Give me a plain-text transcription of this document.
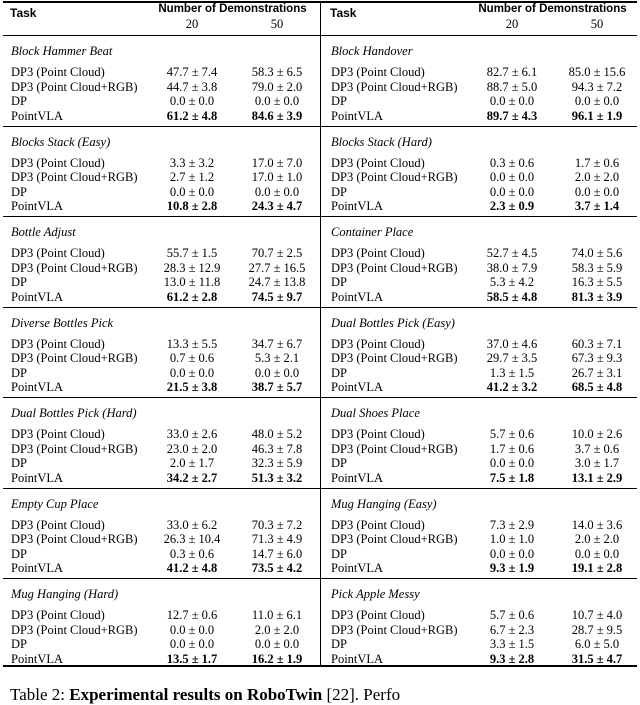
Task	Number of Demonstrations
20	50
Block Hammer Beat
DP3 (Point Cloud)	47.7 ± 7.4	58.3 ± 6.5
DP3 (Point Cloud+RGB)	44.7 ± 3.8	79.0 ± 2.0
DP	0.0 ± 0.0	0.0 ± 0.0
PointVLA	61.2 ± 4.8	84.6 ± 3.9
Blocks Stack (Easy)
DP3 (Point Cloud)	3.3 ± 3.2	17.0 ± 7.0
DP3 (Point Cloud+RGB)	2.7 ± 1.2	17.0 ± 1.0
DP	0.0 ± 0.0	0.0 ± 0.0
PointVLA	10.8 ± 2.8	24.3 ± 4.7
Bottle Adjust
DP3 (Point Cloud)	55.7 ± 1.5	70.7 ± 2.5
DP3 (Point Cloud+RGB)	28.3 ± 12.9	27.7 ± 16.5
DP	13.0 ± 11.8	24.7 ± 13.8
PointVLA	61.2 ± 2.8	74.5 ± 9.7
Diverse Bottles Pick
DP3 (Point Cloud)	13.3 ± 5.5	34.7 ± 6.7
DP3 (Point Cloud+RGB)	0.7 ± 0.6	5.3 ± 2.1
DP	0.0 ± 0.0	0.0 ± 0.0
PointVLA	21.5 ± 3.8	38.7 ± 5.7
Dual Bottles Pick (Hard)
DP3 (Point Cloud)	33.0 ± 2.6	48.0 ± 5.2
DP3 (Point Cloud+RGB)	23.0 ± 2.0	46.3 ± 7.8
DP	2.0 ± 1.7	32.3 ± 5.9
PointVLA	34.2 ± 2.7	51.3 ± 3.2
Empty Cup Place
DP3 (Point Cloud)	33.0 ± 6.2	70.3 ± 7.2
DP3 (Point Cloud+RGB)	26.3 ± 10.4	71.3 ± 4.9
DP	0.3 ± 0.6	14.7 ± 6.0
PointVLA	41.2 ± 4.8	73.5 ± 4.2
Mug Hanging (Hard)
DP3 (Point Cloud)	12.7 ± 0.6	11.0 ± 6.1
DP3 (Point Cloud+RGB)	0.0 ± 0.0	2.0 ± 2.0
DP	0.0 ± 0.0	0.0 ± 0.0
PointVLA	13.5 ± 1.7	16.2 ± 1.9
Task	Number of Demonstrations
20	50
Block Handover
DP3 (Point Cloud)	82.7 ± 6.1	85.0 ± 15.6
DP3 (Point Cloud+RGB)	88.7 ± 5.0	94.3 ± 7.2
DP	0.0 ± 0.0	0.0 ± 0.0
PointVLA	89.7 ± 4.3	96.1 ± 1.9
Blocks Stack (Hard)
DP3 (Point Cloud)	0.3 ± 0.6	1.7 ± 0.6
DP3 (Point Cloud+RGB)	0.0 ± 0.0	2.0 ± 2.0
DP	0.0 ± 0.0	0.0 ± 0.0
PointVLA	2.3 ± 0.9	3.7 ± 1.4
Container Place
DP3 (Point Cloud)	52.7 ± 4.5	74.0 ± 5.6
DP3 (Point Cloud+RGB)	38.0 ± 7.9	58.3 ± 5.9
DP	5.3 ± 4.2	16.3 ± 5.5
PointVLA	58.5 ± 4.8	81.3 ± 3.9
Dual Bottles Pick (Easy)
DP3 (Point Cloud)	37.0 ± 4.6	60.3 ± 7.1
DP3 (Point Cloud+RGB)	29.7 ± 3.5	67.3 ± 9.3
DP	1.3 ± 1.5	26.7 ± 3.1
PointVLA	41.2 ± 3.2	68.5 ± 4.8
Dual Shoes Place
DP3 (Point Cloud)	5.7 ± 0.6	10.0 ± 2.6
DP3 (Point Cloud+RGB)	1.7 ± 0.6	3.7 ± 0.6
DP	0.0 ± 0.0	3.0 ± 1.7
PointVLA	7.5 ± 1.8	13.1 ± 2.9
Mug Hanging (Easy)
DP3 (Point Cloud)	7.3 ± 2.9	14.0 ± 3.6
DP3 (Point Cloud+RGB)	1.0 ± 1.0	2.0 ± 2.0
DP	0.0 ± 0.0	0.0 ± 0.0
PointVLA	9.3 ± 1.9	19.1 ± 2.8
Pick Apple Messy
DP3 (Point Cloud)	5.7 ± 0.6	10.7 ± 4.0
DP3 (Point Cloud+RGB)	6.7 ± 2.3	28.7 ± 9.5
DP	3.3 ± 1.5	6.0 ± 5.0
PointVLA	9.3 ± 2.8	31.5 ± 4.7
Table 2: Experimental results on RoboTwin [22]. Perfo
